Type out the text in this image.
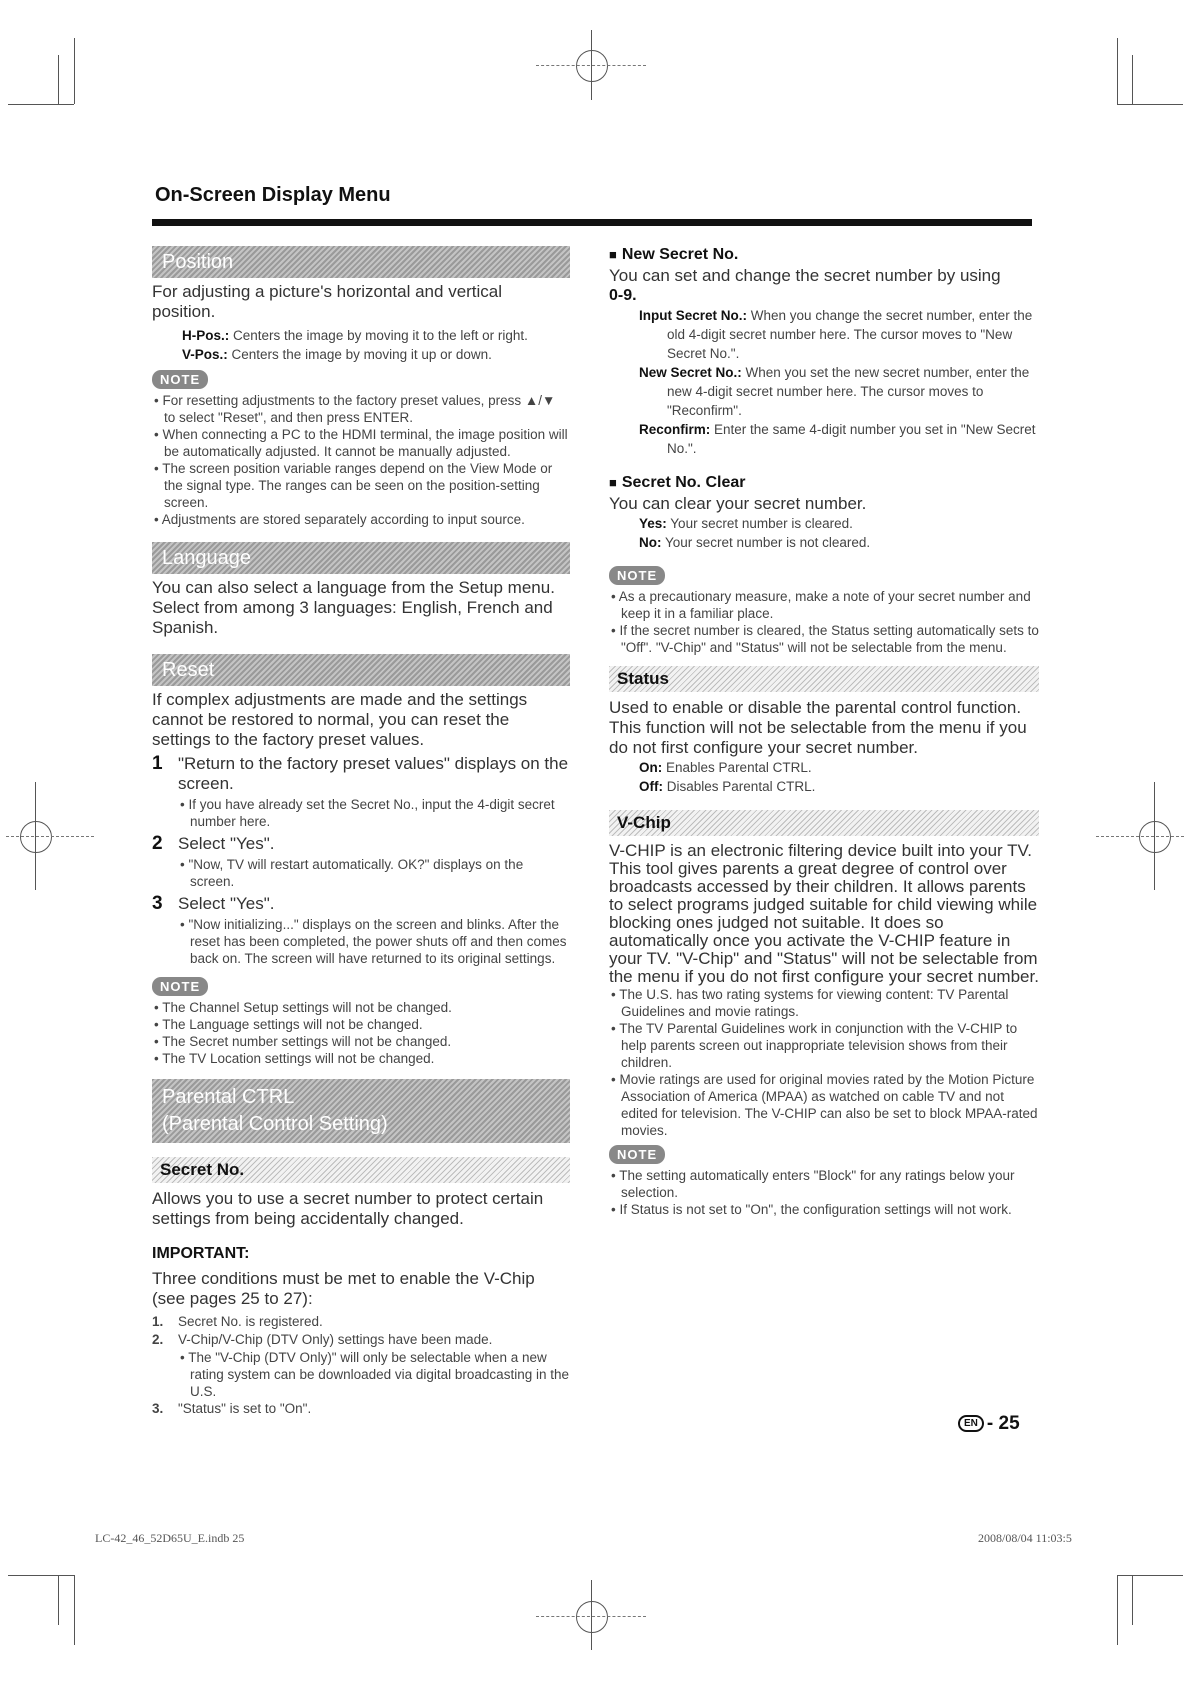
On-Screen Display Menu
Position

For adjusting a picture's horizontal and vertical position.

H-Pos.: Centers the image by moving it to the left or right.

V-Pos.: Centers the image by moving it up or down.

NOTE

• For resetting adjustments to the factory preset values, press ▲/▼ to select "Reset", and then press ENTER.

• When connecting a PC to the HDMI terminal, the image position will be automatically adjusted. It cannot be manually adjusted.

• The screen position variable ranges depend on the View Mode or the signal type. The ranges can be seen on the position-setting screen.

• Adjustments are stored separately according to input source.

Language

You can also select a language from the Setup menu. Select from among 3 languages: English, French and Spanish.

Reset

If complex adjustments are made and the settings cannot be restored to normal, you can reset the settings to the factory preset values.

1 "Return to the factory preset values" displays on the screen.

• If you have already set the Secret No., input the 4-digit secret number here.

2 Select "Yes".

• "Now, TV will restart automatically. OK?" displays on the screen.

3 Select "Yes".

• "Now initializing..." displays on the screen and blinks. After the reset has been completed, the power shuts off and then comes back on. The screen will have returned to its original settings.

NOTE

• The Channel Setup settings will not be changed.

• The Language settings will not be changed.

• The Secret number settings will not be changed.

• The TV Location settings will not be changed.

Parental CTRL
(Parental Control Setting)
Secret No.

Allows you to use a secret number to protect certain settings from being accidentally changed.

IMPORTANT:

Three conditions must be met to enable the V-Chip (see pages 25 to 27):

1.	Secret No. is registered.
2.	V-Chip/V-Chip (DTV Only) settings have been made.

• The "V-Chip (DTV Only)" will only be selectable when a new rating system can be downloaded via digital broadcasting in the U.S.

3.	"Status" is set to "On".
■ New Secret No.

You can set and change the secret number by using
0-9.

Input Secret No.: When you change the secret number, enter the old 4-digit secret number here. The cursor moves to "New Secret No.".

New Secret No.: When you set the new secret number, enter the new 4-digit secret number here. The cursor moves to "Reconfirm".

Reconfirm: Enter the same 4-digit number you set in "New Secret No.".

■ Secret No. Clear

You can clear your secret number.

Yes: Your secret number is cleared.

No: Your secret number is not cleared.

NOTE

• As a precautionary measure, make a note of your secret number and keep it in a familiar place.

• If the secret number is cleared, the Status setting automatically sets to "Off". "V-Chip" and "Status" will not be selectable from the menu.

Status

Used to enable or disable the parental control function. This function will not be selectable from the menu if you do not first configure your secret number.

On: Enables Parental CTRL.

Off: Disables Parental CTRL.

V-Chip

V-CHIP is an electronic filtering device built into your TV. This tool gives parents a great degree of control over broadcasts accessed by their children. It allows parents to select programs judged suitable for child viewing while blocking ones judged not suitable. It does so automatically once you activate the V-CHIP feature in your TV. "V-Chip" and "Status" will not be selectable from the menu if you do not first configure your secret number.

• The U.S. has two rating systems for viewing content: TV Parental Guidelines and movie ratings.

• The TV Parental Guidelines work in conjunction with the V-CHIP to help parents screen out inappropriate television shows from their children.

• Movie ratings are used for original movies rated by the Motion Picture Association of America (MPAA) as watched on cable TV and not edited for television. The V-CHIP can also be set to block MPAA-rated movies.

NOTE

• The setting automatically enters "Block" for any ratings below your selection.

• If Status is not set to "On", the configuration settings will not work.

EN - 25
LC-42_46_52D65U_E.indb 25	2008/08/04 11:03:5
